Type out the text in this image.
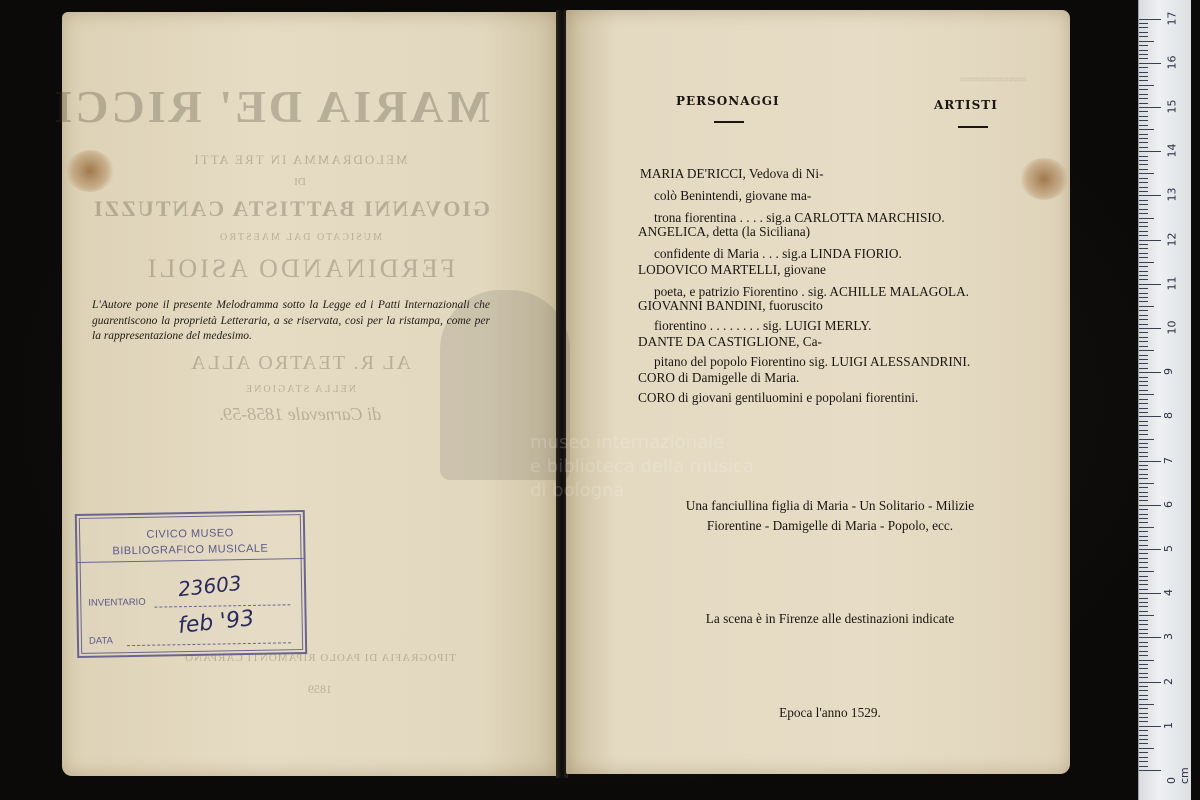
MARIA DE' RICCI
MELODRAMMA IN TRE ATTI
DI
GIOVANNI BATTISTA CANTUZZI
MUSICATO DAL MAESTRO
FERDINANDO ASIOLI
AL R. TEATRO ALLA
NELLA STAGIONE
di Carnevale 1858-59.
TIPOGRAFIA DI PAOLO RIPAMONTI CARPANO
1859
L'Autore pone il presente Melodramma sotto la Legge ed i Patti Internazionali che guarentiscono la proprietà Letteraria, a se riservata, così per la ristampa, come per la rappresentazione del medesimo.
CIVICO MUSEO
BIBLIOGRAFICO MUSICALE
INVENTARIO
DATA
23603
feb '93
≈≈≈≈≈≈≈≈≈≈≈
PERSONAGGI	ARTISTI
MARIA DE'RICCI, Vedova di Ni-
colò Benintendi, giovane ma-
trona fiorentina . . . . sig.a CARLOTTA MARCHISIO.
ANGELICA, detta (la Siciliana)
confidente di Maria . . . sig.a LINDA FIORIO.
LODOVICO MARTELLI, giovane
poeta, e patrizio Fiorentino . sig. ACHILLE MALAGOLA.
GIOVANNI BANDINI, fuoruscito
fiorentino . . . . . . . . sig. LUIGI MERLY.
DANTE DA CASTIGLIONE, Ca-
pitano del popolo Fiorentino sig. LUIGI ALESSANDRINI.
CORO di Damigelle di Maria.
CORO di giovani gentiluomini e popolani fiorentini.
Una fanciullina figlia di Maria - Un Solitario - Milizie
Fiorentine - Damigelle di Maria - Popolo, ecc.
La scena è in Firenze alle destinazioni indicate
Epoca l'anno 1529.
museo internazionale
e biblioteca della musica
di bologna
0 cm
1
2
3
4
5
6
7
8
9
10
11
12
13
14
15
16
17
